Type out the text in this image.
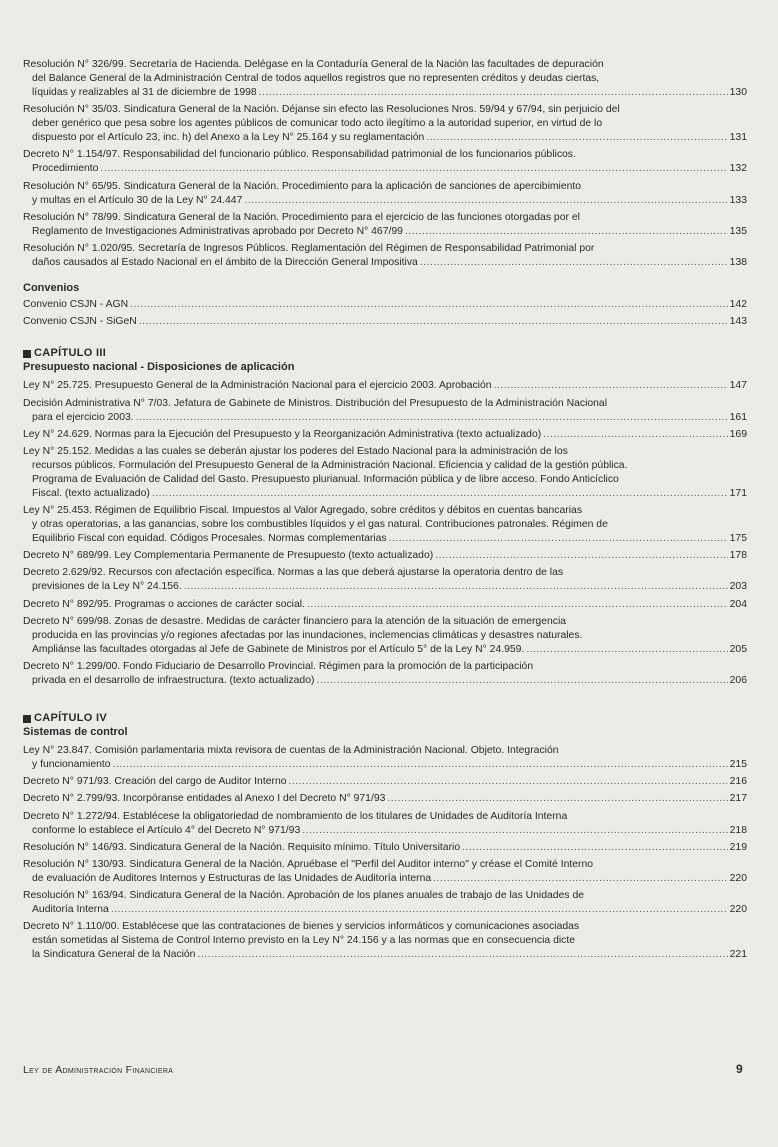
Resolución N° 326/99. Secretaría de Hacienda. Delégase en la Contaduría General de la Nación las facultades de depuración
del Balance General de la Administración Central de todos aquellos registros que no representen créditos y deudas ciertas,
líquidas y realizables al 31 de diciembre de 1998 .....	130
Resolución N° 35/03. Sindicatura General de la Nación. Déjanse sin efecto las Resoluciones Nros. 59/94 y 67/94, sin perjuicio del
deber genérico que pesa sobre los agentes públicos de comunicar todo acto ilegítimo a la autoridad superior, en virtud de lo
dispuesto por el Artículo 23, inc. h) del Anexo a la Ley N° 25.164 y su reglamentación .....	131
Decreto N° 1.154/97. Responsabilidad del funcionario público. Responsabilidad patrimonial de los funcionarios públicos.
Procedimiento .....	132
Resolución N° 65/95. Sindicatura General de la Nación. Procedimiento para la aplicación de sanciones de apercibimiento
y multas en el Artículo 30 de la Ley N° 24.447 .....	133
Resolución N° 78/99. Sindicatura General de la Nación. Procedimiento para el ejercicio de las funciones otorgadas por el
Reglamento de Investigaciones Administrativas aprobado por Decreto N° 467/99 .....	135
Resolución N° 1.020/95. Secretaría de Ingresos Públicos. Reglamentación del Régimen de Responsabilidad Patrimonial por
daños causados al Estado Nacional en el ámbito de la Dirección General Impositiva .....	138
Convenios
Convenio CSJN - AGN .....	142
Convenio CSJN - SiGeN .....	143
CAPÍTULO III
Presupuesto nacional - Disposiciones de aplicación
Ley N° 25.725. Presupuesto General de la Administración Nacional para el ejercicio 2003. Aprobación .....	147
Decisión Administrativa N° 7/03. Jefatura de Gabinete de Ministros. Distribución del Presupuesto de la Administración Nacional
para el ejercicio 2003. .....	161
Ley N° 24.629. Normas para la Ejecución del Presupuesto y la Reorganización Administrativa (texto actualizado) .....	169
Ley N° 25.152. Medidas a las cuales se deberán ajustar los poderes del Estado Nacional para la administración de los
recursos públicos. Formulación del Presupuesto General de la Administración Nacional. Eficiencia y calidad de la gestión pública.
Programa de Evaluación de Calidad del Gasto. Presupuesto plurianual. Información pública y de libre acceso. Fondo Anticíclico
Fiscal. (texto actualizado) .....	171
Ley N° 25.453. Régimen de Equilibrio Fiscal. Impuestos al Valor Agregado, sobre créditos y débitos en cuentas bancarias
y otras operatorias, a las ganancias, sobre los combustibles líquidos y el gas natural. Contribuciones patronales. Régimen de
Equilibrio Fiscal con equidad. Códigos Procesales. Normas complementarias .....	175
Decreto N° 689/99. Ley Complementaria Permanente de Presupuesto (texto actualizado) .....	178
Decreto 2.629/92. Recursos con afectación específica. Normas a las que deberá ajustarse la operatoria dentro de las
previsiones de la Ley N° 24.156. .....	203
Decreto N° 892/95. Programas o acciones de carácter social. .....	204
Decreto N° 699/98. Zonas de desastre. Medidas de carácter financiero para la atención de la situación de emergencia
producida en las provincias y/o regiones afectadas por las inundaciones, inclemencias climáticas y desastres naturales.
Ampliánse las facultades otorgadas al Jefe de Gabinete de Ministros por el Artículo 5° de la Ley N° 24.959. .....	205
Decreto N° 1.299/00. Fondo Fiduciario de Desarrollo Provincial. Régimen para la promoción de la participación
privada en el desarrollo de infraestructura. (texto actualizado) .....	206
CAPÍTULO IV
Sistemas de control
Ley N° 23.847. Comisión parlamentaria mixta revisora de cuentas de la Administración Nacional. Objeto. Integración
y funcionamiento .....	215
Decreto N° 971/93. Creación del cargo de Auditor Interno .....	216
Decreto N° 2.799/93. Incorpóranse entidades al Anexo I del Decreto N° 971/93 .....	217
Decreto N° 1.272/94. Establécese la obligatoriedad de nombramiento de los titulares de Unidades de Auditoría Interna
conforme lo establece el Artículo 4° del Decreto N° 971/93 .....	218
Resolución N° 146/93. Sindicatura General de la Nación. Requisito mínimo. Título Universitario .....	219
Resolución N° 130/93. Sindicatura General de la Nación. Apruébase el "Perfil del Auditor interno" y créase el Comité Interno
de evaluación de Auditores Internos y Estructuras de las Unidades de Auditoría interna .....	220
Resolución N° 163/94. Sindicatura General de la Nación. Aprobación de los planes anuales de trabajo de las Unidades de
Auditoría Interna .....	220
Decreto N° 1.110/00. Establécese que las contrataciones de bienes y servicios informáticos y comunicaciones asociadas
están sometidas al Sistema de Control Interno previsto en la Ley N° 24.156 y a las normas que en consecuencia dicte
la Sindicatura General de la Nación .....	221
Ley de Administración Financiera	9
